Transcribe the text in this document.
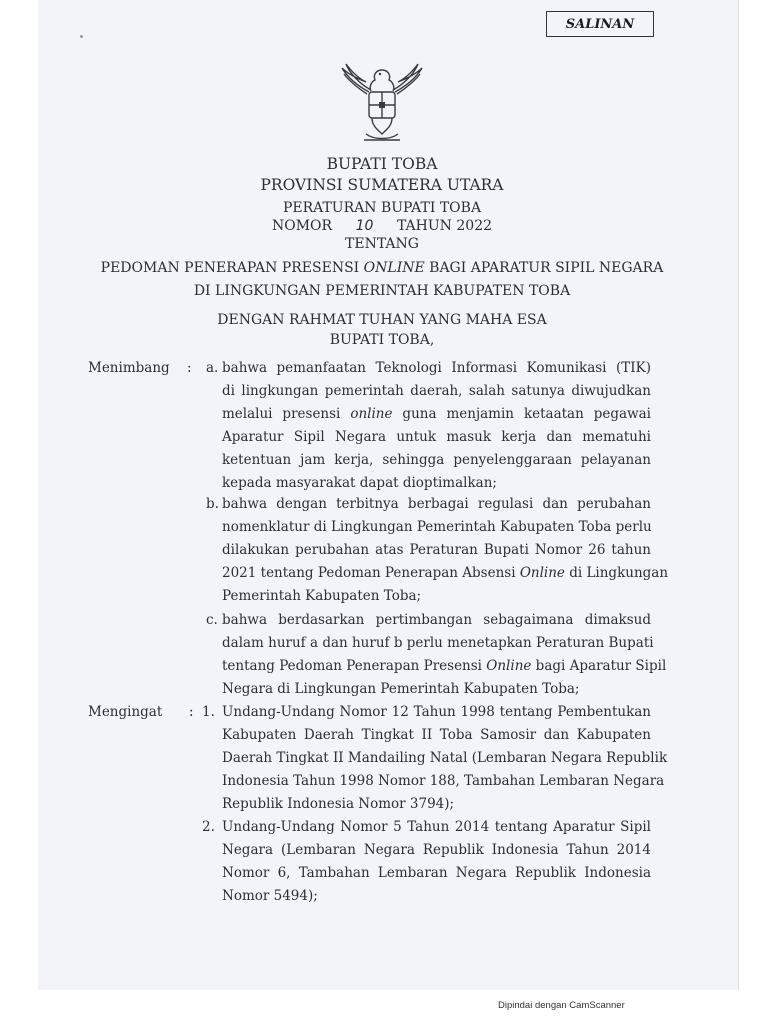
SALINAN
BUPATI TOBA
PROVINSI SUMATERA UTARA
PERATURAN BUPATI TOBA
NOMOR 10 TAHUN 2022
TENTANG
PEDOMAN PENERAPAN PRESENSI ONLINE BAGI APARATUR SIPIL NEGARA
DI LINGKUNGAN PEMERINTAH KABUPATEN TOBA
DENGAN RAHMAT TUHAN YANG MAHA ESA
BUPATI TOBA,
Menimbang : a. bahwa pemanfaatan Teknologi Informasi Komunikasi (TIK)
di lingkungan pemerintah daerah, salah satunya diwujudkan
melalui presensi online guna menjamin ketaatan pegawai
Aparatur Sipil Negara untuk masuk kerja dan mematuhi
ketentuan jam kerja, sehingga penyelenggaraan pelayanan
kepada masyarakat dapat dioptimalkan;
b. bahwa dengan terbitnya berbagai regulasi dan perubahan
nomenklatur di Lingkungan Pemerintah Kabupaten Toba perlu
dilakukan perubahan atas Peraturan Bupati Nomor 26 tahun
2021 tentang Pedoman Penerapan Absensi Online di Lingkungan
Pemerintah Kabupaten Toba;
c. bahwa berdasarkan pertimbangan sebagaimana dimaksud
dalam huruf a dan huruf b perlu menetapkan Peraturan Bupati
tentang Pedoman Penerapan Presensi Online bagi Aparatur Sipil
Negara di Lingkungan Pemerintah Kabupaten Toba;
Mengingat : 1. Undang-Undang Nomor 12 Tahun 1998 tentang Pembentukan
Kabupaten Daerah Tingkat II Toba Samosir dan Kabupaten
Daerah Tingkat II Mandailing Natal (Lembaran Negara Republik
Indonesia Tahun 1998 Nomor 188, Tambahan Lembaran Negara
Republik Indonesia Nomor 3794);
2. Undang-Undang Nomor 5 Tahun 2014 tentang Aparatur Sipil
Negara (Lembaran Negara Republik Indonesia Tahun 2014
Nomor 6, Tambahan Lembaran Negara Republik Indonesia
Nomor 5494);
Dipindai dengan CamScanner
